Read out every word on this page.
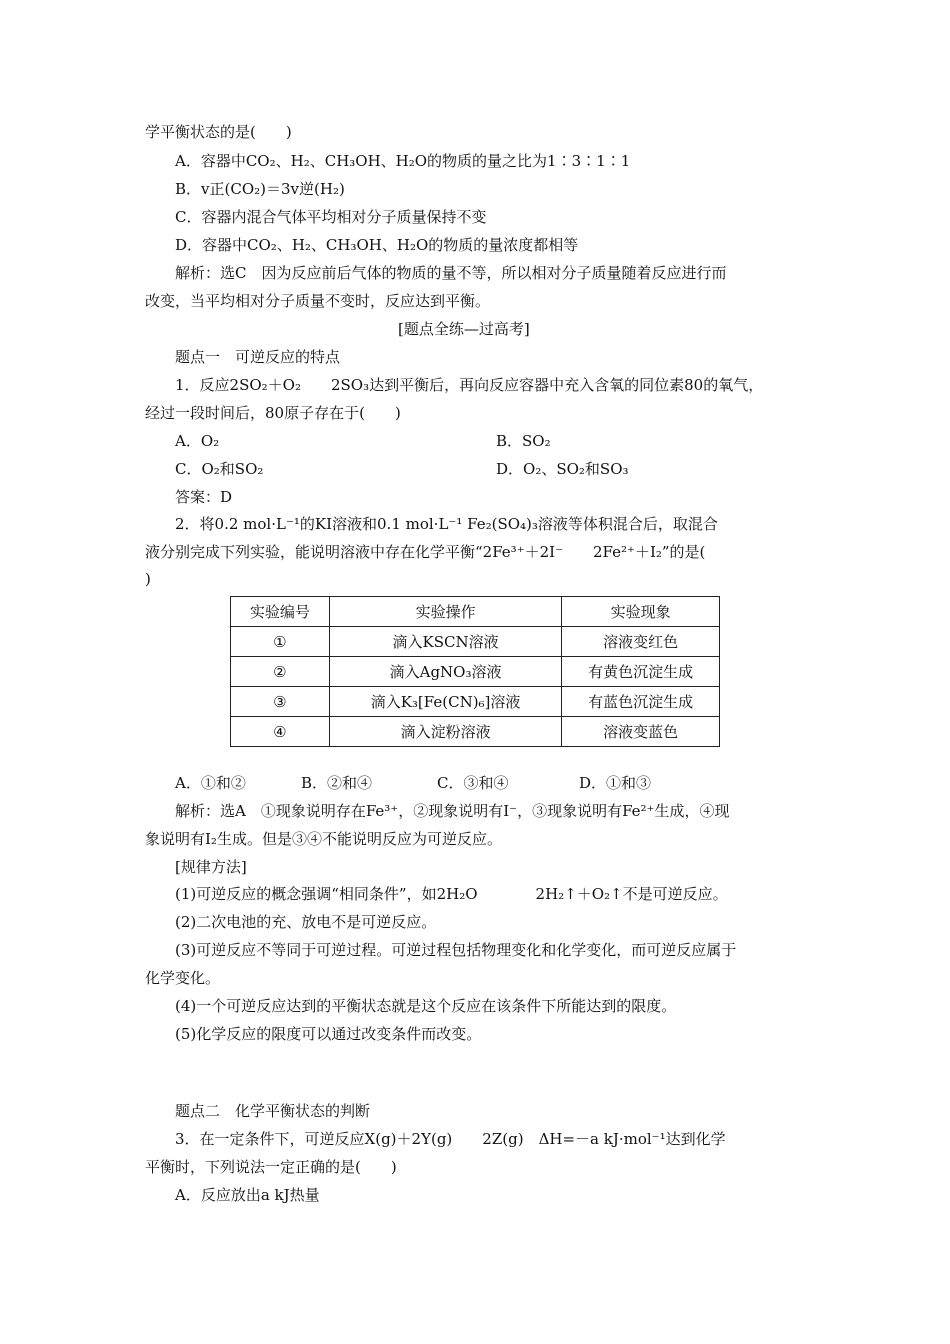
学平衡状态的是(　　)
A．容器中CO₂、H₂、CH₃OH、H₂O的物质的量之比为1∶3∶1∶1
B．v正(CO₂)＝3v逆(H₂)
C．容器内混合气体平均相对分子质量保持不变
D．容器中CO₂、H₂、CH₃OH、H₂O的物质的量浓度都相等
解析：选C　因为反应前后气体的物质的量不等，所以相对分子质量随着反应进行而
改变，当平均相对分子质量不变时，反应达到平衡。
[题点全练—过高考]
题点一　可逆反应的特点
1．反应2SO₂＋O₂ 2SO₃达到平衡后，再向反应容器中充入含氧的同位素80的氧气，
经过一段时间后，80原子存在于(　　)
A．O₂	B．SO₂
C．O₂和SO₂	D．O₂、SO₂和SO₃
答案：D
2．将0.2 mol·L⁻¹的KI溶液和0.1 mol·L⁻¹ Fe₂(SO₄)₃溶液等体积混合后，取混合
液分别完成下列实验，能说明溶液中存在化学平衡“2Fe³⁺＋2I⁻ 2Fe²⁺＋I₂”的是(
)
实验编号	实验操作	实验现象
①	滴入KSCN溶液	溶液变红色
②	滴入AgNO₃溶液	有黄色沉淀生成
③	滴入K₃[Fe(CN)₆]溶液	有蓝色沉淀生成
④	滴入淀粉溶液	溶液变蓝色
A．①和②	B．②和④	C．③和④	D．①和③
解析：选A　①现象说明存在Fe³⁺，②现象说明有I⁻，③现象说明有Fe²⁺生成，④现
象说明有I₂生成。但是③④不能说明反应为可逆反应。
[规律方法]
(1)可逆反应的概念强调“相同条件”，如2H₂O	2H₂↑＋O₂↑不是可逆反应。
(2)二次电池的充、放电不是可逆反应。
(3)可逆反应不等同于可逆过程。可逆过程包括物理变化和化学变化，而可逆反应属于
化学变化。
(4)一个可逆反应达到的平衡状态就是这个反应在该条件下所能达到的限度。
(5)化学反应的限度可以通过改变条件而改变。
题点二　化学平衡状态的判断
3．在一定条件下，可逆反应X(g)＋2Y(g) 2Z(g)　ΔH=－a kJ·mol⁻¹达到化学
平衡时，下列说法一定正确的是(　　)
A．反应放出a kJ热量
